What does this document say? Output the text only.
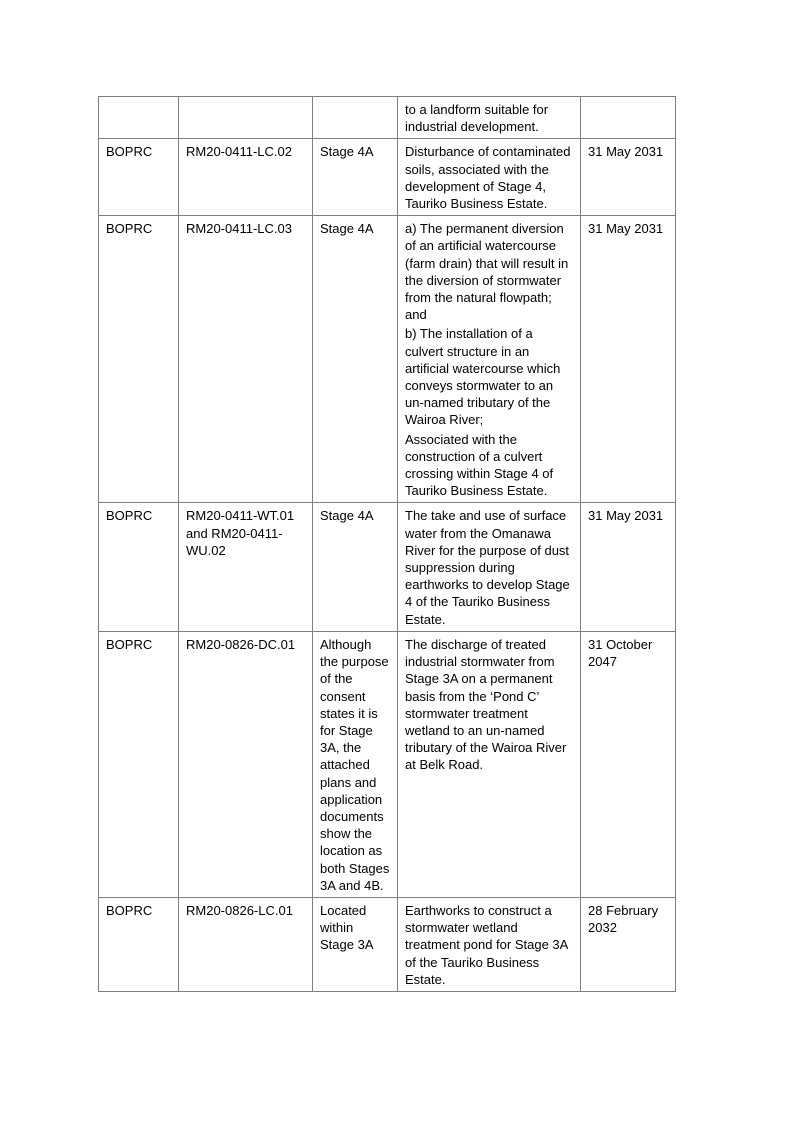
			to a landform suitable for industrial development.	

BOPRC	RM20-0411-LC.02	Stage 4A	Disturbance of contaminated soils, associated with the development of Stage 4, Tauriko Business Estate.	31 May 2031
BOPRC	RM20-0411-LC.03	Stage 4A	a) The permanent diversion of an artificial watercourse (farm drain) that will result in the diversion of stormwater from the natural flowpath; and
b) The installation of a culvert structure in an artificial watercourse which conveys stormwater to an un-named tributary of the Wairoa River;
Associated with the construction of a culvert crossing within Stage 4 of Tauriko Business Estate.	31 May 2031
BOPRC	RM20-0411-WT.01 and RM20-0411-WU.02	Stage 4A	The take and use of surface water from the Omanawa River for the purpose of dust suppression during earthworks to develop Stage 4 of the Tauriko Business Estate.	31 May 2031
BOPRC	RM20-0826-DC.01	Although the purpose of the consent states it is for Stage 3A, the attached plans and application documents show the location as both Stages 3A and 4B.	The discharge of treated industrial stormwater from Stage 3A on a permanent basis from the ‘Pond C’ stormwater treatment wetland to an un-named tributary of the Wairoa River at Belk Road.	31 October 2047
BOPRC	RM20-0826-LC.01	Located within Stage 3A	Earthworks to construct a stormwater wetland treatment pond for Stage 3A of the Tauriko Business Estate.	28 February 2032
